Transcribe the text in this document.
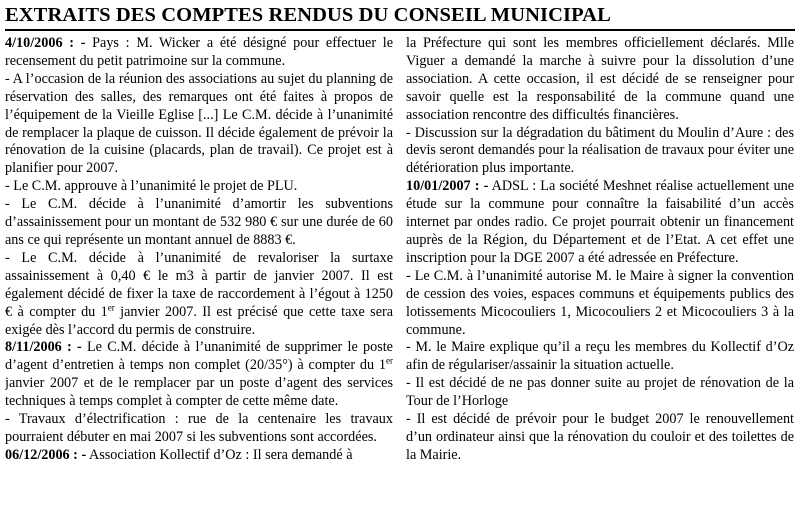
EXTRAITS DES COMPTES RENDUS DU CONSEIL MUNICIPAL

4/10/2006 : - Pays : M. Wicker a été désigné pour effectuer le recensement du petit patrimoine sur la commune.

- A l’occasion de la réunion des associations au sujet du planning de réservation des salles, des remarques ont été faites à propos de l’équipement de la Vieille Eglise [...] Le C.M. décide à l’unanimité de remplacer la plaque de cuisson. Il décide également de prévoir la rénovation de la cuisine (placards, plan de travail). Ce projet est à planifier pour 2007.

- Le C.M. approuve à l’unanimité le projet de PLU.

- Le C.M. décide à l’unanimité d’amortir les subventions d’assainissement pour un montant de 532 980 € sur une durée de 60 ans ce qui représente un montant annuel de 8883 €.

- Le C.M. décide à l’unanimité de revaloriser la surtaxe assainissement à 0,40 € le m3 à partir de janvier 2007. Il est également décidé de fixer la taxe de raccordement à l’égout à 1250 € à compter du 1er janvier 2007. Il est précisé que cette taxe sera exigée dès l’accord du permis de construire.

8/11/2006 : - Le C.M. décide à l’unanimité de supprimer le poste d’agent d’entretien à temps non complet (20/35°) à compter du 1er janvier 2007 et de le remplacer par un poste d’agent des services techniques à temps complet à compter de cette même date.

- Travaux d’électrification : rue de la centenaire les travaux pourraient débuter en mai 2007 si les subventions sont accordées.

06/12/2006 : - Association Kollectif d’Oz : Il sera demandé à

la Préfecture qui sont les membres officiellement déclarés. Mlle Viguer a demandé la marche à suivre pour la dissolution d’une association. A cette occasion, il est décidé de se renseigner pour savoir quelle est la responsabilité de la commune quand une association rencontre des difficultés financières.

- Discussion sur la dégradation du bâtiment du Moulin d’Aure : des devis seront demandés pour la réalisation de travaux pour éviter une détérioration plus importante.

10/01/2007 : - ADSL : La société Meshnet réalise actuellement une étude sur la commune pour connaître la faisabilité d’un accès internet par ondes radio. Ce projet pourrait obtenir un financement auprès de la Région, du Département et de l’Etat. A cet effet une inscription pour la DGE 2007 a été adressée en Préfecture.

- Le C.M. à l’unanimité autorise M. le Maire à signer la convention de cession des voies, espaces communs et équipements publics des lotissements Micocouliers 1, Micocouliers 2 et Micocouliers 3 à la commune.

- M. le Maire explique qu’il a reçu les membres du Kollectif d’Oz afin de régulariser/assainir la situation actuelle.

- Il est décidé de ne pas donner suite au projet de rénovation de la Tour de l’Horloge

- Il est décidé de prévoir pour le budget 2007 le renouvellement d’un ordinateur ainsi que la rénovation du couloir et des toilettes de la Mairie.
